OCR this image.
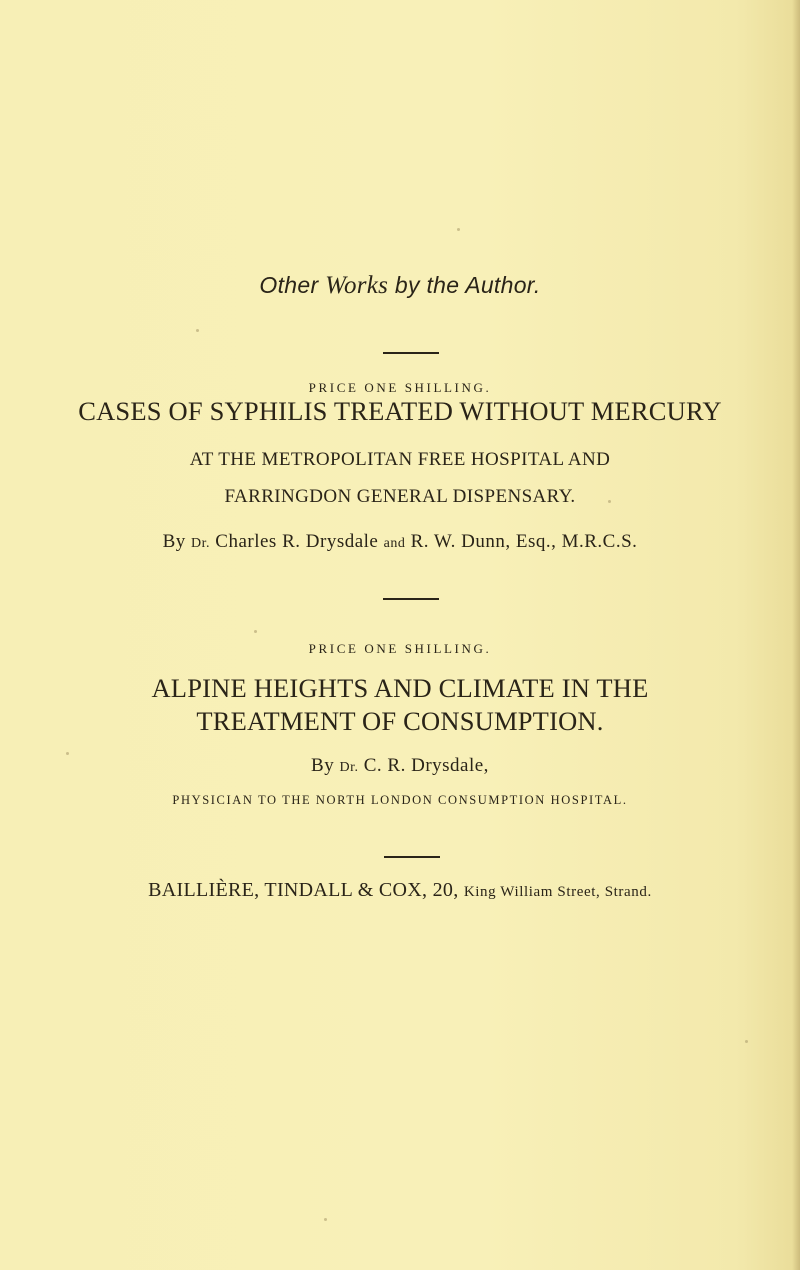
Other Works by the Author.
PRICE ONE SHILLING.
CASES OF SYPHILIS TREATED WITHOUT MERCURY
AT THE METROPOLITAN FREE HOSPITAL AND
FARRINGDON GENERAL DISPENSARY.
By Dr. Charles R. Drysdale and R. W. Dunn, Esq., M.R.C.S.
PRICE ONE SHILLING.
ALPINE HEIGHTS AND CLIMATE IN THE
TREATMENT OF CONSUMPTION.
By Dr. C. R. Drysdale,
PHYSICIAN TO THE NORTH LONDON CONSUMPTION HOSPITAL.
BAILLIÈRE, TINDALL & COX, 20, King William Street, Strand.
